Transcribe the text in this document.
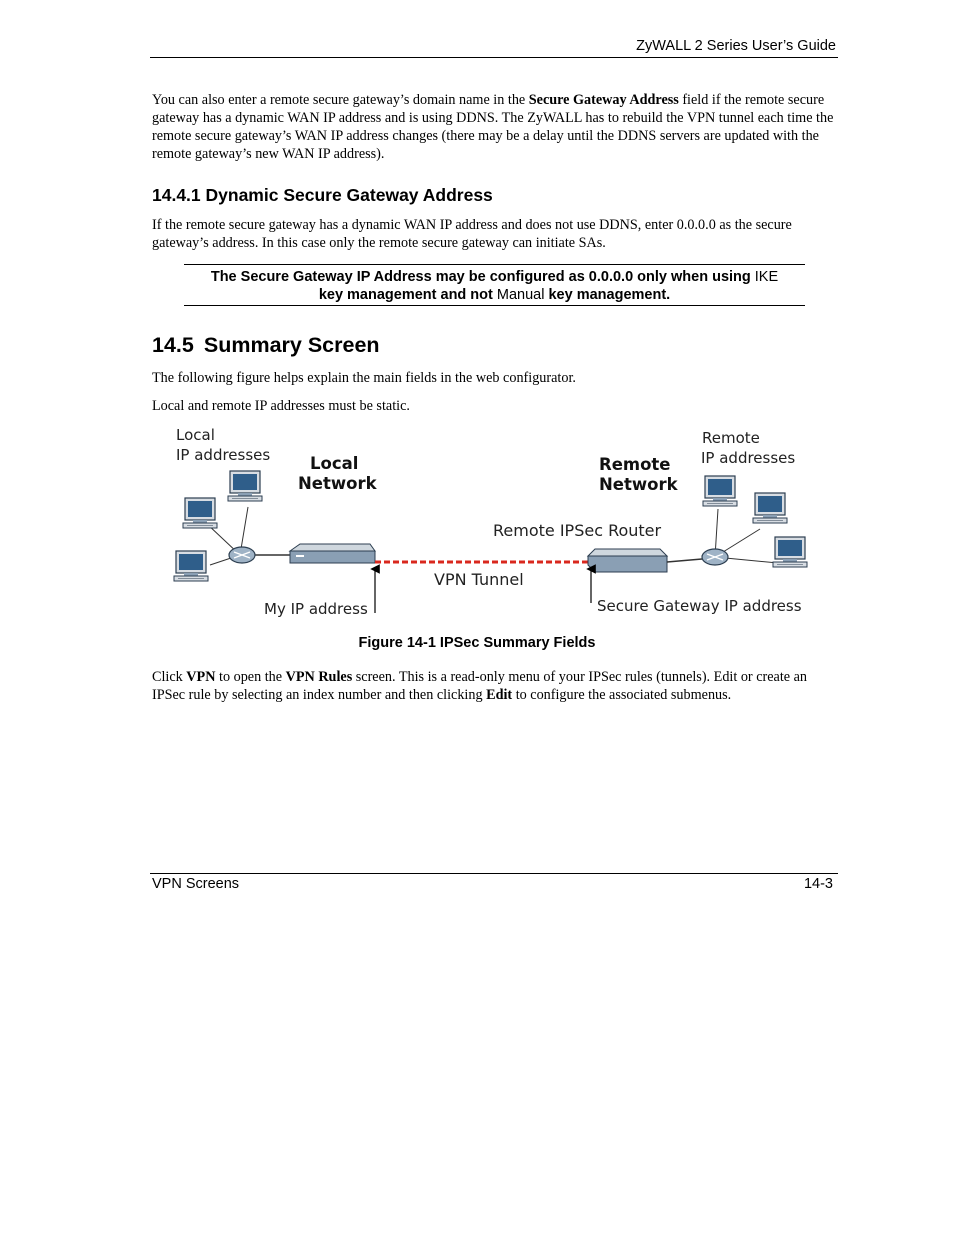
ZyWALL 2 Series User’s Guide
You can also enter a remote secure gateway’s domain name in the Secure Gateway Address field if the remote secure gateway has a dynamic WAN IP address and is using DDNS. The ZyWALL has to rebuild the VPN tunnel each time the remote secure gateway’s WAN IP address changes (there may be a delay until the DDNS servers are updated with the remote gateway’s new WAN IP address).
14.4.1 Dynamic Secure Gateway Address
If the remote secure gateway has a dynamic WAN IP address and does not use DDNS, enter 0.0.0.0 as the secure gateway’s address. In this case only the remote secure gateway can initiate SAs.
The Secure Gateway IP Address may be configured as 0.0.0.0 only when using IKE
key management and not Manual key management.
14.5 Summary Screen
The following figure helps explain the main fields in the web configurator.
Local and remote IP addresses must be static.
Local
IP addresses Local
Network
Remote
Network
Remote
IP addresses
Remote IPSec Router
VPN Tunnel
My IP address	Secure Gateway IP address
Figure 14-1 IPSec Summary Fields
Click VPN to open the VPN Rules screen. This is a read-only menu of your IPSec rules (tunnels). Edit or create an IPSec rule by selecting an index number and then clicking Edit to configure the associated submenus.
VPN Screens	14-3
